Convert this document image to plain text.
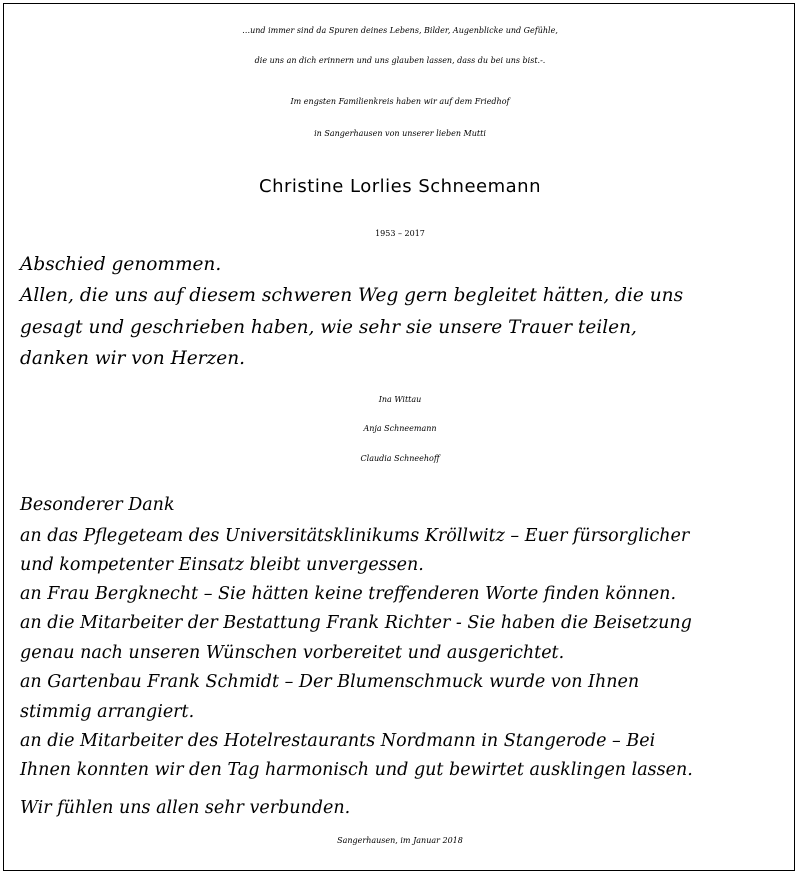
…und immer sind da Spuren deines Lebens, Bilder, Augenblicke und Gefühle,
die uns an dich erinnern und uns glauben lassen, dass du bei uns bist.-.
Im engsten Familienkreis haben wir auf dem Friedhof
in Sangerhausen von unserer lieben Mutti
Christine Lorlies Schneemann
1953 – 2017
Abschied genommen.
Allen, die uns auf diesem schweren Weg gern begleitet hätten, die uns
gesagt und geschrieben haben, wie sehr sie unsere Trauer teilen,
danken wir von Herzen.
Ina Wittau
Anja Schneemann
Claudia Schneehoff
Besonderer Dank
an das Pflegeteam des Universitätsklinikums Kröllwitz – Euer fürsorglicher
und kompetenter Einsatz bleibt unvergessen.
an Frau Bergknecht – Sie hätten keine treffenderen Worte finden können.
an die Mitarbeiter der Bestattung Frank Richter - Sie haben die Beisetzung
genau nach unseren Wünschen vorbereitet und ausgerichtet.
an Gartenbau Frank Schmidt – Der Blumenschmuck wurde von Ihnen
stimmig arrangiert.
an die Mitarbeiter des Hotelrestaurants Nordmann in Stangerode – Bei
Ihnen konnten wir den Tag harmonisch und gut bewirtet ausklingen lassen.
Wir fühlen uns allen sehr verbunden.
Sangerhausen, im Januar 2018
